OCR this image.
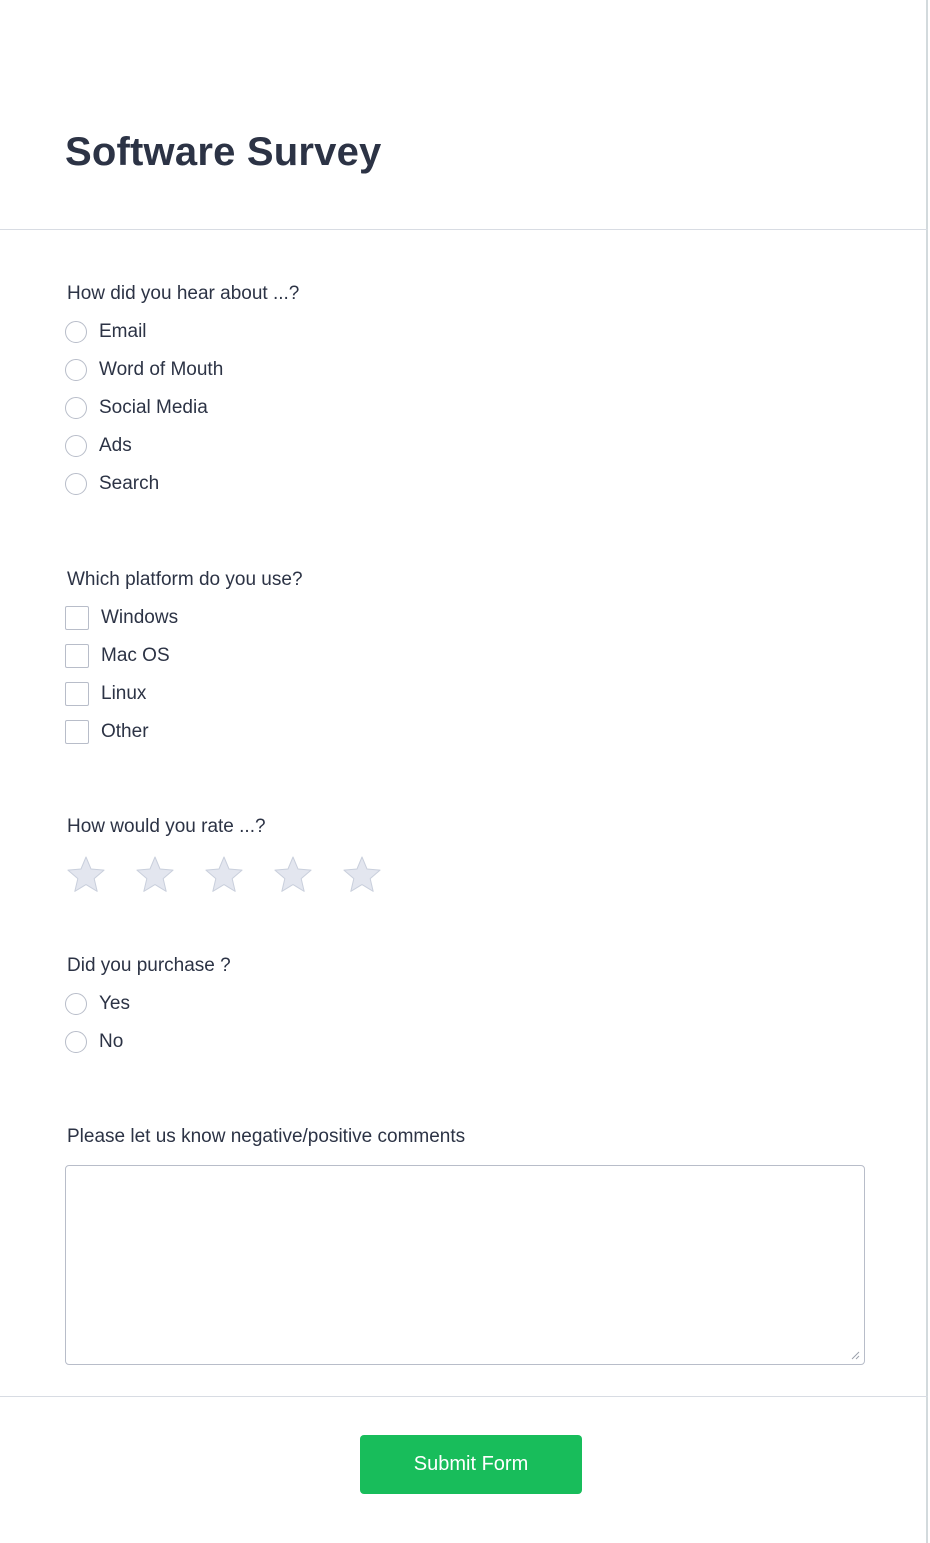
Software Survey
How did you hear about ...?
Email
Word of Mouth
Social Media
Ads
Search
Which platform do you use?
Windows
Mac OS
Linux
Other
How would you rate ...?
Did you purchase ?
Yes
No
Please let us know negative/positive comments
Submit Form
